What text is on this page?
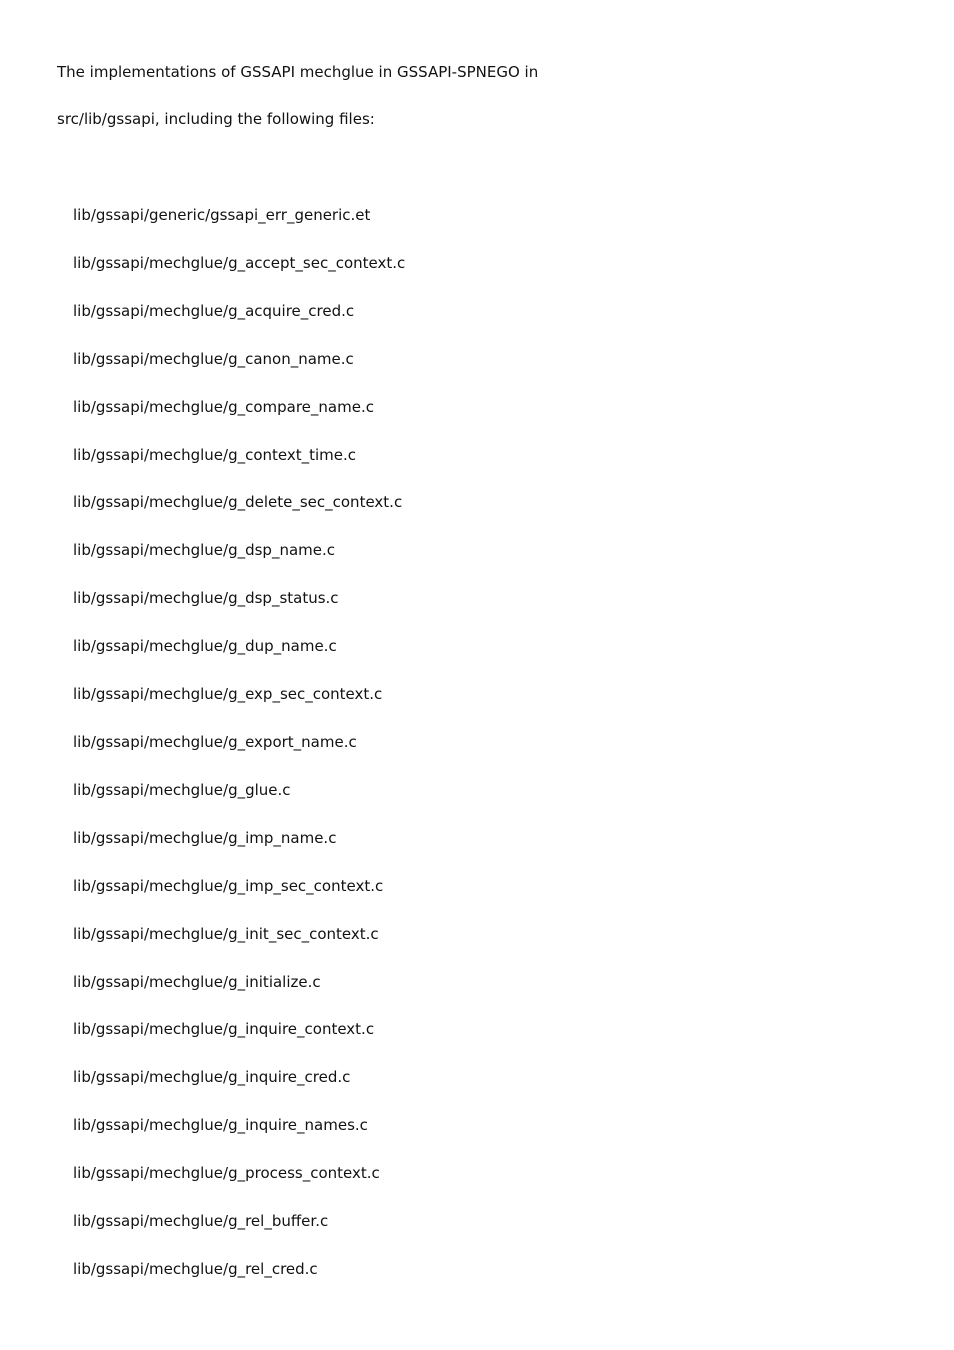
The implementations of GSSAPI mechglue in GSSAPI-SPNEGO in
src/lib/gssapi, including the following files:
lib/gssapi/generic/gssapi_err_generic.et
lib/gssapi/mechglue/g_accept_sec_context.c
lib/gssapi/mechglue/g_acquire_cred.c
lib/gssapi/mechglue/g_canon_name.c
lib/gssapi/mechglue/g_compare_name.c
lib/gssapi/mechglue/g_context_time.c
lib/gssapi/mechglue/g_delete_sec_context.c
lib/gssapi/mechglue/g_dsp_name.c
lib/gssapi/mechglue/g_dsp_status.c
lib/gssapi/mechglue/g_dup_name.c
lib/gssapi/mechglue/g_exp_sec_context.c
lib/gssapi/mechglue/g_export_name.c
lib/gssapi/mechglue/g_glue.c
lib/gssapi/mechglue/g_imp_name.c
lib/gssapi/mechglue/g_imp_sec_context.c
lib/gssapi/mechglue/g_init_sec_context.c
lib/gssapi/mechglue/g_initialize.c
lib/gssapi/mechglue/g_inquire_context.c
lib/gssapi/mechglue/g_inquire_cred.c
lib/gssapi/mechglue/g_inquire_names.c
lib/gssapi/mechglue/g_process_context.c
lib/gssapi/mechglue/g_rel_buffer.c
lib/gssapi/mechglue/g_rel_cred.c
